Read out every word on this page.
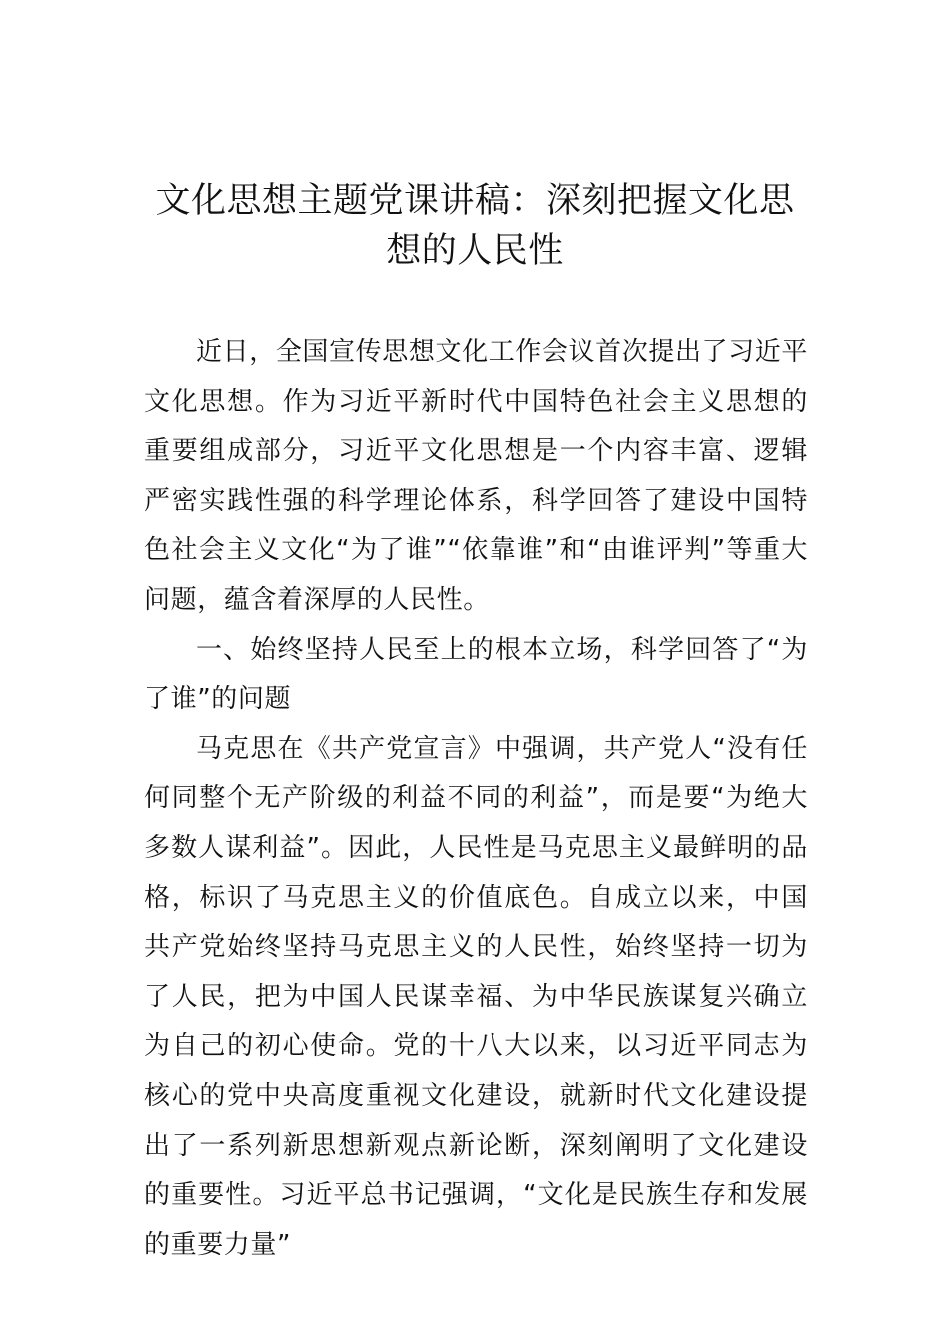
文化思想主题党课讲稿：深刻把握文化思
想的人民性

近日，全国宣传思想文化工作会议首次提出了习近平文化思想。作为习近平新时代中国特色社会主义思想的重要组成部分，习近平文化思想是一个内容丰富、逻辑严密实践性强的科学理论体系，科学回答了建设中国特色社会主义文化“为了谁”“依靠谁”和“由谁评判”等重大问题，蕴含着深厚的人民性。

一、始终坚持人民至上的根本立场，科学回答了“为了谁”的问题

马克思在《共产党宣言》中强调，共产党人“没有任何同整个无产阶级的利益不同的利益”，而是要“为绝大多数人谋利益”。因此，人民性是马克思主义最鲜明的品格，标识了马克思主义的价值底色。自成立以来，中国共产党始终坚持马克思主义的人民性，始终坚持一切为了人民，把为中国人民谋幸福、为中华民族谋复兴确立为自己的初心使命。党的十八大以来，以习近平同志为核心的党中央高度重视文化建设，就新时代文化建设提出了一系列新思想新观点新论断，深刻阐明了文化建设的重要性。习近平总书记强调，“文化是民族生存和发展的重要力量”
